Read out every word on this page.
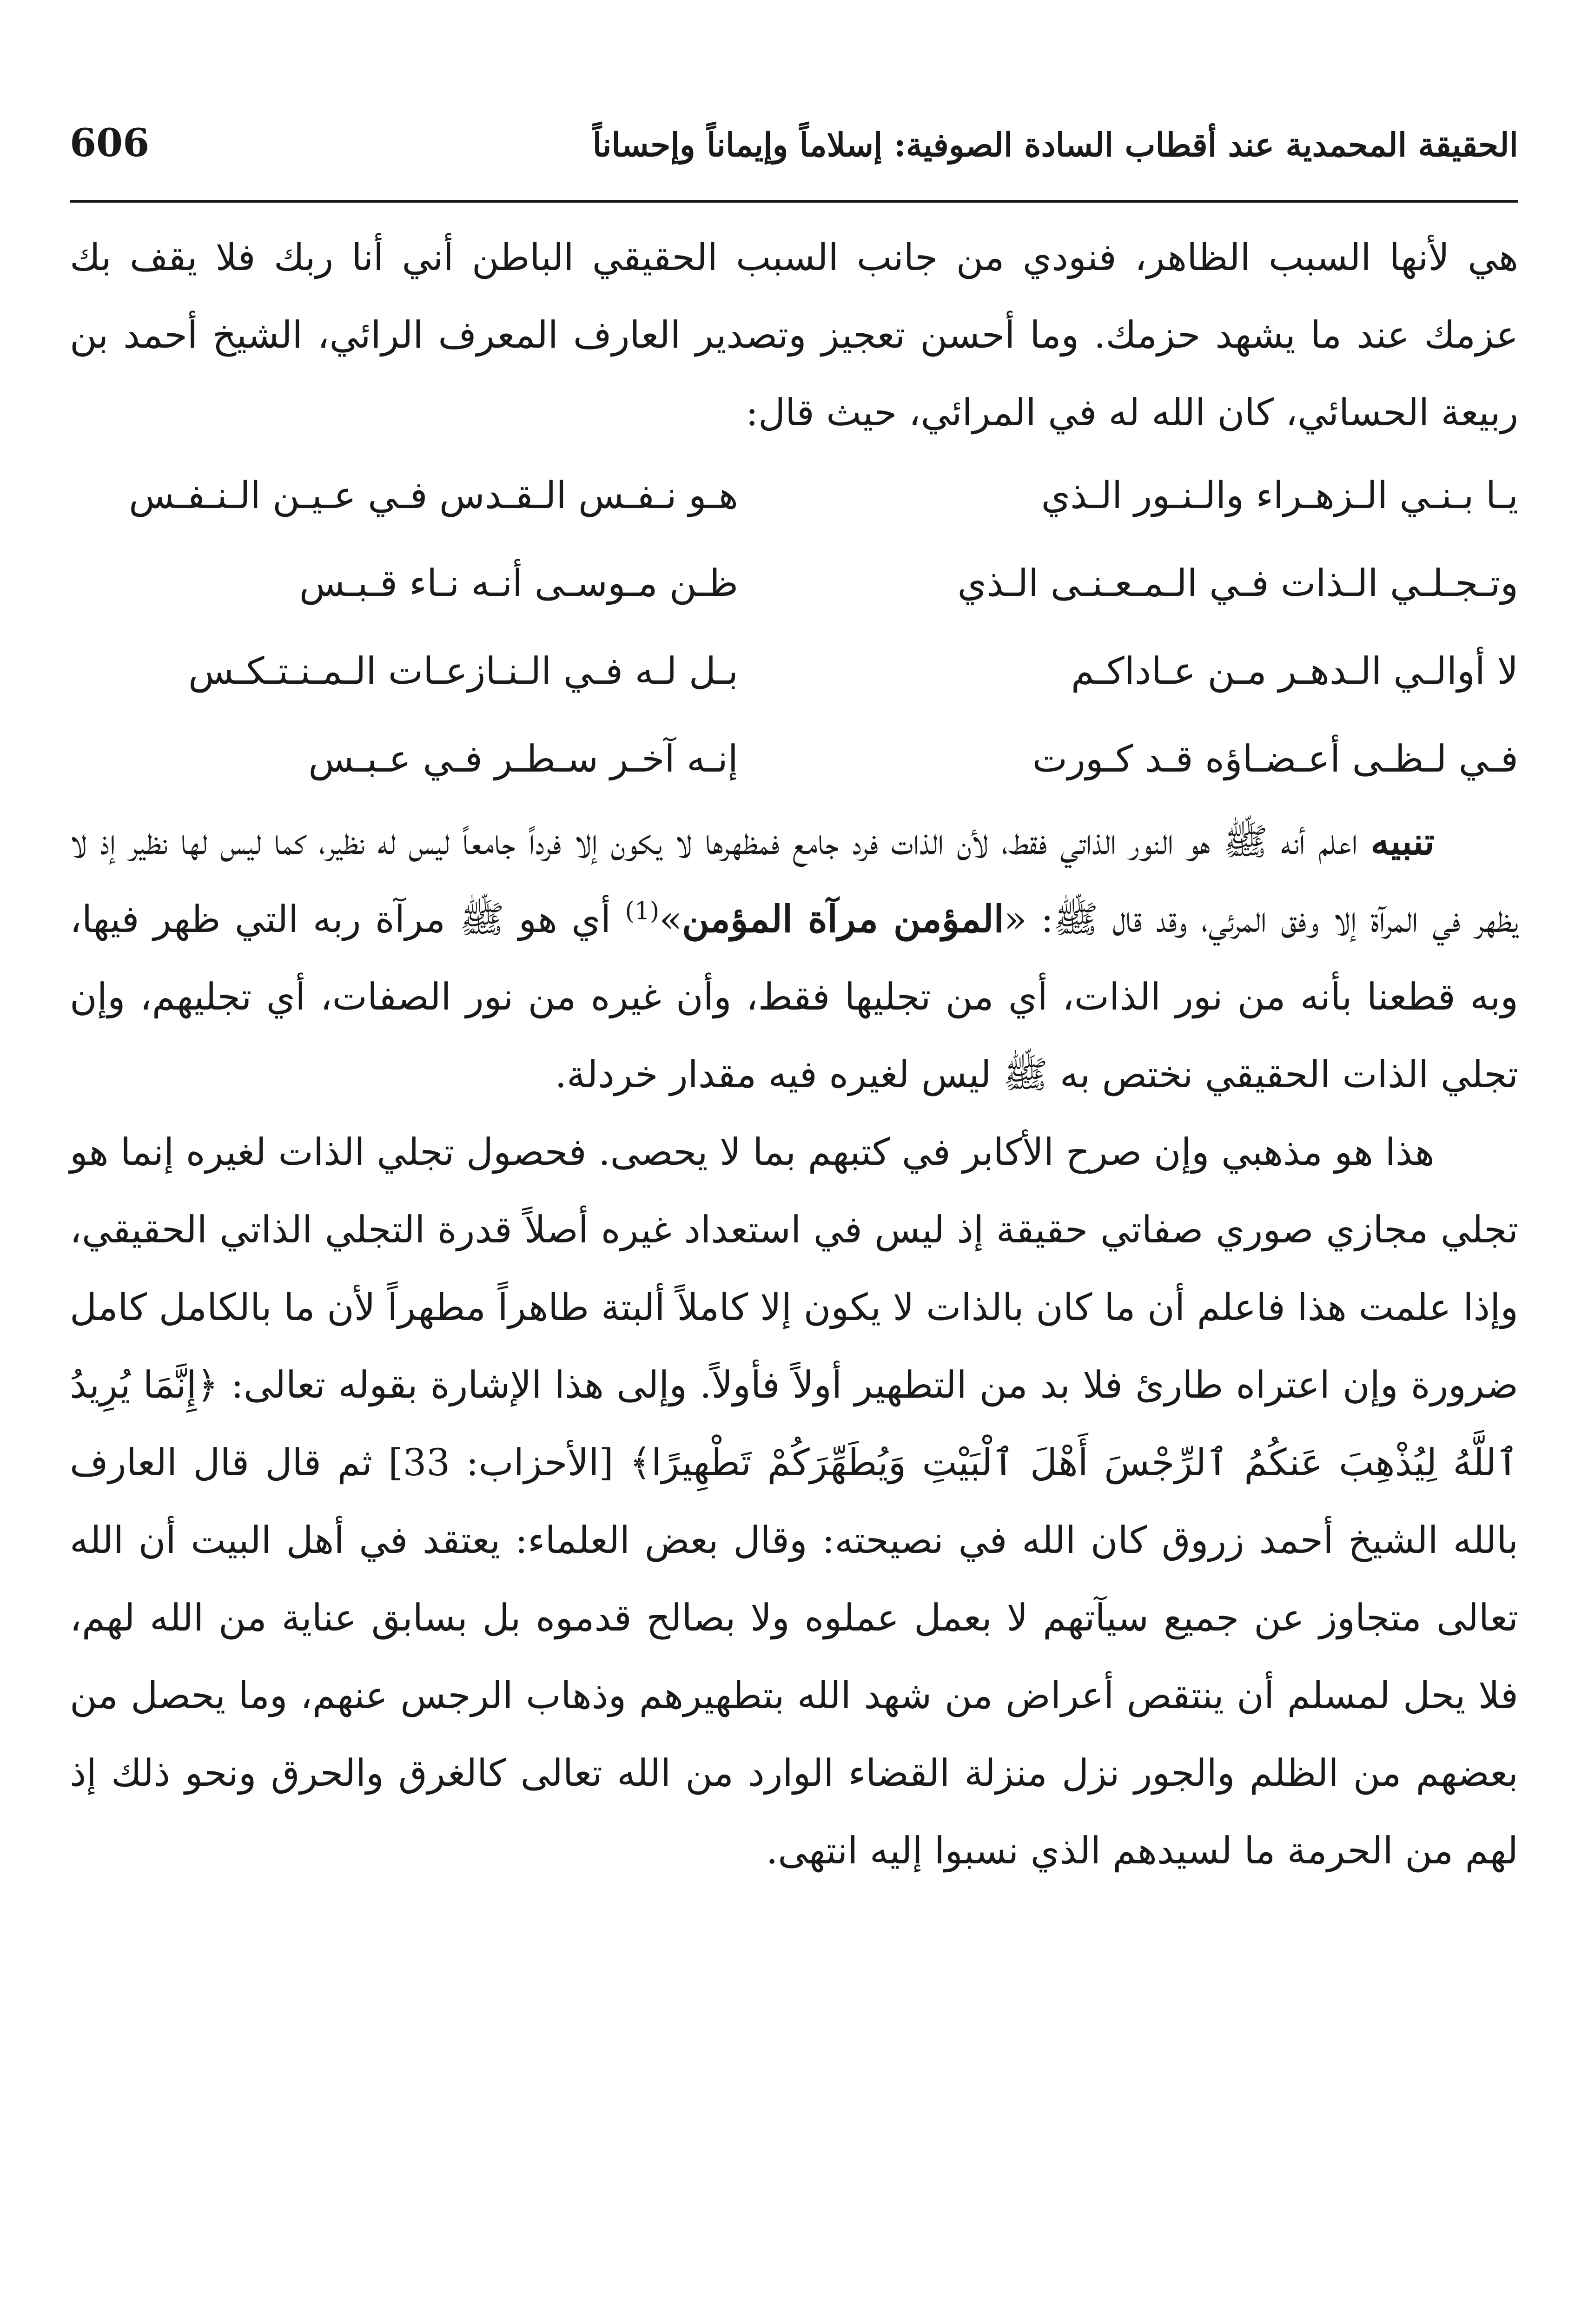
الحقيقة المحمدية عند أقطاب السادة الصوفية: إسلاماً وإيماناً وإحساناً
606

هي لأنها السبب الظاهر، فنودي من جانب السبب الحقيقي الباطن أني أنا ربك فلا يقف بك عزمك عند ما يشهد حزمك. وما أحسن تعجيز وتصدير العارف المعرف الرائي، الشيخ أحمد بن ربيعة الحسائي، كان الله له في المرائي، حيث قال:

يـا بـنـي الـزهـراء والـنـور الـذي
هـو نـفـس الـقـدس فـي عـيـن الـنـفـس
وتـجـلـي الـذات فـي الـمـعـنـى الـذي
ظـن مـوسـى أنـه نـاء قـبـس
لا أوالـي الـدهـر مـن عـاداكـم
بـل لـه فـي الـنـازعـات الـمـنـتـكـس
فـي لـظـى أعـضـاؤه قـد كـورت
إنـه آخـر سـطـر فـي عـبـس

تنبيه اعلم أنه ﷺ هو النور الذاتي فقط، لأن الذات فرد جامع فمظهرها لا يكون إلا فرداً جامعاً ليس له نظير، كما ليس لها نظير إذ لا يظهر في المرآة إلا وفق المرئي، وقد قال ﷺ: «المؤمن مرآة المؤمن»$^{(1)}$ أي هو ﷺ مرآة ربه التي ظهر فيها، وبه قطعنا بأنه من نور الذات، أي من تجليها فقط، وأن غيره من نور الصفات، أي تجليهم، وإن تجلي الذات الحقيقي نختص به ﷺ ليس لغيره فيه مقدار خردلة.

هذا هو مذهبي وإن صرح الأكابر في كتبهم بما لا يحصى. فحصول تجلي الذات لغيره إنما هو تجلي مجازي صوري صفاتي حقيقة إذ ليس في استعداد غيره أصلاً قدرة التجلي الذاتي الحقيقي، وإذا علمت هذا فاعلم أن ما كان بالذات لا يكون إلا كاملاً ألبتة طاهراً مطهراً لأن ما بالكامل كامل ضرورة وإن اعتراه طارئ فلا بد من التطهير أولاً فأولاً. وإلى هذا الإشارة بقوله تعالى: ﴿إِنَّمَا يُرِيدُ ٱللَّهُ لِيُذْهِبَ عَنكُمُ ٱلرِّجْسَ أَهْلَ ٱلْبَيْتِ وَيُطَهِّرَكُمْ تَطْهِيرًا﴾ [الأحزاب: 33] ثم قال قال العارف بالله الشيخ أحمد زروق كان الله في نصيحته: وقال بعض العلماء: يعتقد في أهل البيت أن الله تعالى متجاوز عن جميع سيآتهم لا بعمل عملوه ولا بصالح قدموه بل بسابق عناية من الله لهم، فلا يحل لمسلم أن ينتقص أعراض من شهد الله بتطهيرهم وذهاب الرجس عنهم، وما يحصل من بعضهم من الظلم والجور نزل منزلة القضاء الوارد من الله تعالى كالغرق والحرق ونحو ذلك إذ لهم من الحرمة ما لسيدهم الذي نسبوا إليه انتهى.
